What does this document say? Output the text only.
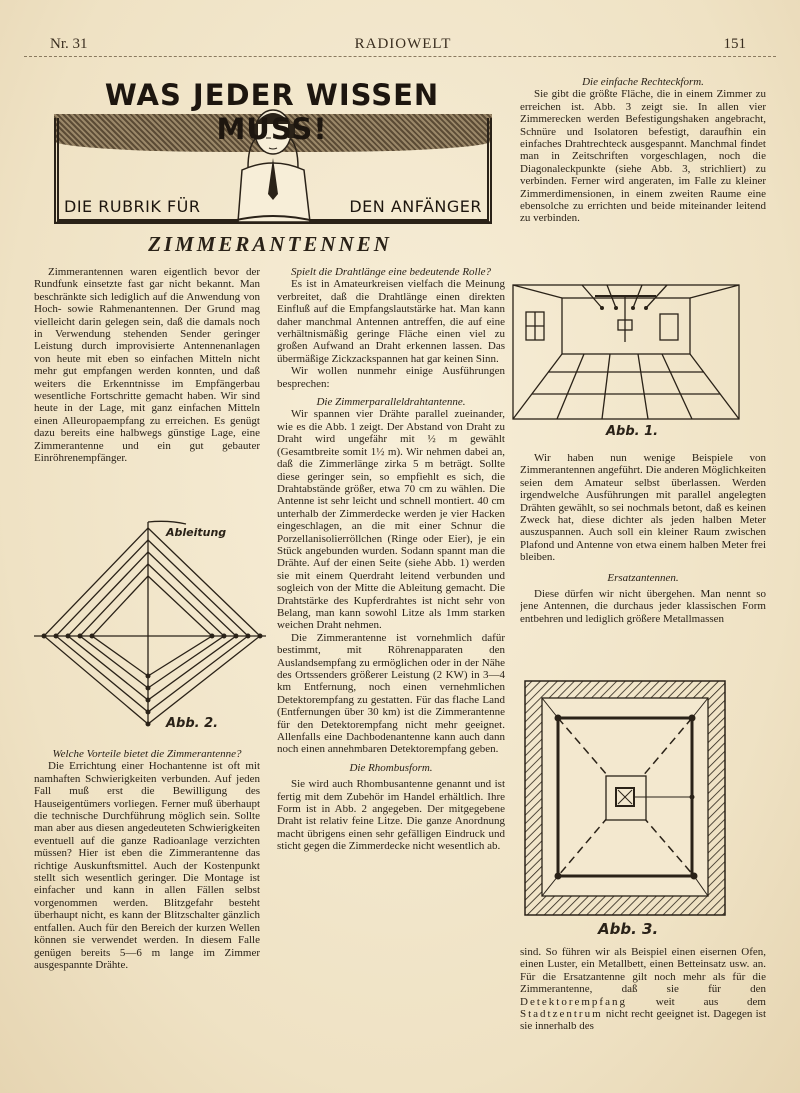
Nr. 31	RADIOWELT	151
WAS JEDER WISSEN MUSS!
DIE RUBRIK FÜR	DEN ANFÄNGER
ZIMMERANTENNEN

Zimmerantennen waren eigentlich bevor der Rundfunk einsetzte fast gar nicht bekannt. Man beschränkte sich lediglich auf die Anwendung von Hoch- sowie Rahmenantennen. Der Grund mag vielleicht darin gelegen sein, daß die damals noch in Verwendung stehenden Sender geringer Leistung durch improvisierte Antennenanlagen von heute mit eben so einfachen Mitteln nicht mehr gut empfangen werden konnten, und daß weiters die Erkenntnisse im Empfängerbau wesentliche Fortschritte gemacht haben. Wir sind heute in der Lage, mit ganz einfachen Mitteln einen Alleuropaempfang zu erreichen. Es genügt dazu bereits eine halbwegs günstige Lage, eine Zimmerantenne und ein gut gebauter Einröhrenempfänger.

Ableitung
Abb. 2.

Welche Vorteile bietet die Zimmerantenne?

Die Errichtung einer Hochantenne ist oft mit namhaften Schwierigkeiten verbunden. Auf jeden Fall muß erst die Bewilligung des Hauseigentümers vorliegen. Ferner muß überhaupt die technische Durchführung möglich sein. Sollte man aber aus diesen angedeuteten Schwierigkeiten eventuell auf die ganze Radioanlage verzichten müssen? Hier ist eben die Zimmerantenne das richtige Auskunftsmittel. Auch der Kostenpunkt stellt sich wesentlich geringer. Die Montage ist einfacher und kann in allen Fällen selbst vorgenommen werden. Blitzgefahr besteht überhaupt nicht, es kann der Blitzschalter gänzlich entfallen. Auch für den Bereich der kurzen Wellen können sie verwendet werden. In diesem Falle genügen bereits 5—6 m lange im Zimmer ausgespannte Drähte.

Spielt die Drahtlänge eine bedeutende Rolle?

Es ist in Amateurkreisen vielfach die Meinung verbreitet, daß die Drahtlänge einen direkten Einfluß auf die Empfangslautstärke hat. Man kann daher manchmal Antennen antreffen, die auf eine verhältnismäßig geringe Fläche einen viel zu großen Aufwand an Draht erkennen lassen. Das übermäßige Zickzackspannen hat gar keinen Sinn.

Wir wollen nunmehr einige Ausführungen besprechen:

Die Zimmerparalleldrahtantenne.

Wir spannen vier Drähte parallel zueinander, wie es die Abb. 1 zeigt. Der Abstand von Draht zu Draht wird ungefähr mit ½ m gewählt (Gesamtbreite somit 1½ m). Wir nehmen dabei an, daß die Zimmerlänge zirka 5 m beträgt. Sollte diese geringer sein, so empfiehlt es sich, die Drahtabstände größer, etwa 70 cm zu wählen. Die Antenne ist sehr leicht und schnell montiert. 40 cm unterhalb der Zimmerdecke werden je vier Hacken eingeschlagen, an die mit einer Schnur die Porzellanisolierröllchen (Ringe oder Eier), je ein Stück angebunden wurden. Sodann spannt man die Drähte. Auf der einen Seite (siehe Abb. 1) werden sie mit einem Querdraht leitend verbunden und sogleich von der Mitte die Ableitung gemacht. Die Drahtstärke des Kupferdrahtes ist nicht sehr von Belang, man kann sowohl Litze als 1mm starken weichen Draht nehmen.

Die Zimmerantenne ist vornehmlich dafür bestimmt, mit Röhrenapparaten den Auslandsempfang zu ermöglichen oder in der Nähe des Ortssenders größerer Leistung (2 KW) in 3—4 km Entfernung, noch einen vernehmlichen Detektorempfang zu gestatten. Für das flache Land (Entfernungen über 30 km) ist die Zimmerantenne für den Detektorempfang nicht mehr geeignet. Allenfalls eine Dachbodenantenne kann auch dann noch einen annehmbaren Detektorempfang geben.

Die Rhombusform.

Sie wird auch Rhombusantenne genannt und ist fertig mit dem Zubehör im Handel erhältlich. Ihre Form ist in Abb. 2 angegeben. Der mitgegebene Draht ist relativ feine Litze. Die ganze Anordnung macht übrigens einen sehr gefälligen Eindruck und sticht gegen die Zimmerdecke nicht wesentlich ab.

Die einfache Rechteckform.

Sie gibt die größte Fläche, die in einem Zimmer zu erreichen ist. Abb. 3 zeigt sie. In allen vier Zimmerecken werden Befestigungshaken angebracht, Schnüre und Isolatoren befestigt, daraufhin ein einfaches Drahtrechteck ausgespannt. Manchmal findet man in Zeitschriften vorgeschlagen, noch die Diagonaleckpunkte (siehe Abb. 3, strichliert) zu verbinden. Ferner wird angeraten, im Falle zu kleiner Zimmerdimensionen, in einem zweiten Raume eine ebensolche zu errichten und beide miteinander leitend zu verbinden.

Abb. 1.

Wir haben nun wenige Beispiele von Zimmerantennen angeführt. Die anderen Möglichkeiten seien dem Amateur selbst überlassen. Werden irgendwelche Ausführungen mit parallel angelegten Drähten gewählt, so sei nochmals betont, daß es keinen Zweck hat, diese dichter als jeden halben Meter auszuspannen. Auch soll ein kleiner Raum zwischen Plafond und Antenne von etwa einem halben Meter frei bleiben.

Ersatzantennen.

Diese dürfen wir nicht übergehen. Man nennt so jene Antennen, die durchaus jeder klassischen Form entbehren und lediglich größere Metallmassen

Abb. 3.

sind. So führen wir als Beispiel einen eisernen Ofen, einen Luster, ein Metallbett, einen Betteinsatz usw. an. Für die Ersatzantenne gilt noch mehr als für die Zimmerantenne, daß sie für den Detektorempfang	weit aus dem Stadtzentrum nicht recht geeignet ist. Dagegen ist sie innerhalb des
